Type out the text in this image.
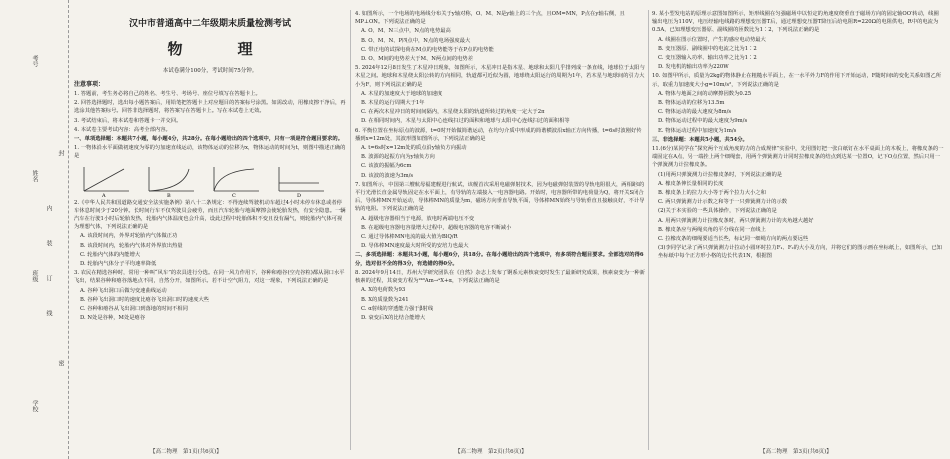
考号
姓名
内
装
订
线
班级
学校
封
密
汉中市普通高中二年级期末质量检测考试
物　理
本试卷满分100分，考试时间75分钟。

注意事项：

1. 答题前，考生务必将自己的姓名、考生号、考场号、座位号填写在答题卡上。

2. 回答选择题时，选出每小题答案后，用铅笔把答题卡上对应题目的答案标号涂黑。如需改动，用橡皮擦干净后，再选涂其他答案标号。回答非选择题时，将答案写在答题卡上。写在本试卷上无效。

3. 考试结束后，将本试卷和答题卡一并交回。

4. 本试卷主要考试内容：高考全部内容。

一、单项选择题：本题共7小题，每小题4分，共28分。在每小题给出的四个选项中，只有一项是符合题目要求的。

1. 一物体沿水平面做初速度为零的匀加速直线运动，该物体运动的位移为x，物体运动的时间为t，则图中描述正确的是

A	B	C	D

2.《中华人民共和国道路交通安全法实施条例》第八十二条规定：不得连续驾驶机动车超过4小时未停车休息或者停车休息时间少于20分钟。长时间行车不仅驾驶员会疲劳，而且汽车轮胎与地面摩擦会使轮胎发热，有安全隐患。一辆汽车在行驶1小时后轮胎发热，轮胎内气体温度也会升高，设此过程中轮胎体积不变且没有漏气，则轮胎内气体可视为理想气体，下列说法正确的是

A. 该段时间内，外界对轮胎内气体做正功

B. 该段时间内，轮胎内气体对外界放出热量

C. 轮胎内气体的内能增大

D. 轮胎内气体分子平均速率降低

3. 农民在精选谷种时，常用一种叫“风车”的农具进行分选。在同一风力作用下，谷种和瘪谷(空壳谷粒)都从洞口水平飞出，结果谷种和瘪谷落地点不同，自然分开，如图所示。若不计空气阻力，对这一现象，下列说法正确的是

A. 谷种飞出洞口后做匀变速曲线运动

B. 谷种飞出洞口时的速度比瘪谷飞出洞口时的速度大些

C. 谷种和瘪谷从飞出洞口到落地的时间不相同

D. N处是谷种，M处是瘪谷

【高二物理　第1页(共6页)】

4. 如图所示，一个电场的电场线分布关于y轴对称，O、M、N是y轴上的三个点，且OM=MN，P点在y轴右侧，且MP⊥ON。下列说法正确的是

A. O、M、N三点中，N点的电势最高

B. O、M、N、P四点中，N点的电场强度最大

C. 带正电的试探电荷在M点的电势能等于在P点的电势能

D. O、M间的电势差大于M、N两点间的电势差

5. 2024年12月8日发生了木星冲日现象，如图所示，木星冲日是指木星、地球和太阳几乎排列成一条直线，地球位于太阳与木星之间。地球和木星绕太阳公转的方向相同，轨道都可近似为圆，地球绕太阳运行的周期为1年，若木星与地球间的引力大小为F，则下列说法正确的是

A. 木星的加速度大于地球的加速度

B. 木星的运行周期大于1年

C. 在两次木星冲日的时间间隔内，木星绕太阳的轨道所转过的角度一定大于2π

D. 在相同时间内，木星与太阳中心连线扫过的面积和地球与太阳中心连线扫过的面积相等

6. 平衡位置在坐标原点的波源，t=0时开始做简谐运动，在均匀介质中形成的简谐横波沿x轴正方向传播，t=6s时波刚好传播到x=12m处，其波形图如图所示，下列说法正确的是

A. t=6s时x=12m处的质点沿y轴负方向振动

B. 波源的起振方向为y轴负方向

C. 该波的振幅为6cm

D. 该波的波速为3m/s

7. 如图所示，中国第三艘航母福建舰进行航试，该舰首次采用电磁弹射技术，因为电磁弹射装置的导轨电阻很大，两相距l的平行光滑长直金属导轨固定在水平面上，有导轨的左端接入一电容器电路。开始时，电容器所带的电荷量为Q，将开关S闭合后，导体棒MN开始运动，导体棒MN的质量为m，磁场方向垂直导轨平面，导体棒MN始终与导轨垂直且接触良好，不计导轨的电阻。下列说法正确的是

A. 超级电容器相当于电源，放电时两端电压不变

B. 在超级电容器电容量增大过程中，超级电容器的电容不断减小

C. 通过导体棒MN电流的最大值为BlQ/R

D. 导体棒MN速度最大时所受的安培力也最大

二、多项选择题：本题共3小题，每小题6分，共18分。在每小题给出的四个选项中，有多项符合题目要求。全部选对的得6分，选对但不全的得3分，有选错的得0分。

8. 2024年9月14日，苏州大学研究团队在《自然》杂志上发布了锕系元素核衰变时发生了最新研究成果，核素衰变为一种新核素的过程，其衰变方程为²⁴³Am→ᵃX+α，下列说法正确的是

A. X的电荷数为93

B. X的质量数为241

C. α射线的穿透能力强于β射线

D. 衰变后X的比结合能增大

【高二物理　第2页(共6页)】

9. 某小型发电站的原理示意图如图所示，矩形线圈在匀强磁场中以恒定的角速度绕垂直于磁场方向的固定轴OO′转动，线圈输出电压为110V，电压经输电线路的理想变压器T后，通过理想变压器T降压后给电阻R=220Ω的电阻供电，R中的电流为0.5A，已知理想变压器原、副线圈的匝数比为1∶2，下列说法正确的是

A. 线圈在图示位置时，产生的感应电动势最大

B. 变压器原、副线圈中的电流之比为1∶2

C. 变压器输入功率、输出功率之比为1∶2

D. 发电机的输出功率为220W

10. 如图甲所示，质量为2kg的物体静止在粗糙水平面上，在一水平外力F的作用下开始运动，F随时间t的变化关系如图乙所示，取重力加速度大小g=10m/s²，下列说法正确的是

A. 物体与地面之间的动摩擦因数为0.25

B. 物体运动的位移为13.5m

C. 物体运动的最大速度为8m/s

D. 物体运动过程中的最大速度为9m/s

E. 物体运动过程中加速度为1m/s

三、非选择题：本题共5小题，共54分。

11.(6分)某同学在“探究两个互成角度的力的合成规律”实验中，先用图钉把一张白纸钉在水平桌面上的木板上，将橡皮条的一端固定在A点，另一端拴上两个细绳套，用两个弹簧测力计同时拉橡皮条的结点到达某一位置O，记下O点位置，然后只用一个弹簧测力计拉橡皮条。

(1)用两只弹簧测力计拉橡皮条时，下列说法正确的是

A. 橡皮条伸长量相同的长度

B. 橡皮条上的拉力大小等于两个拉力大小之和

C. 两只弹簧测力计示数之和等于一只弹簧测力计的示数

(2)关于本实验的一些具体操作，下列说法正确的是

A. 用两只弹簧测力计拉橡皮条时，两只弹簧测力计的夹角越大越好

B. 橡皮条应与两绳夹角的平分线在同一直线上

C. 拉橡皮条的细绳要适当长些，标记同一细绳方向的两点要远些

(3)李同学记录了两只弹簧测力计拉动小圆环时拉力F₁、F₂的大小及方向，并将它们的图示画在坐标纸上，如图所示，已知坐标纸中每个正方形小格的边长代表1N，根据图

【高二物理　第3页(共6页)】
